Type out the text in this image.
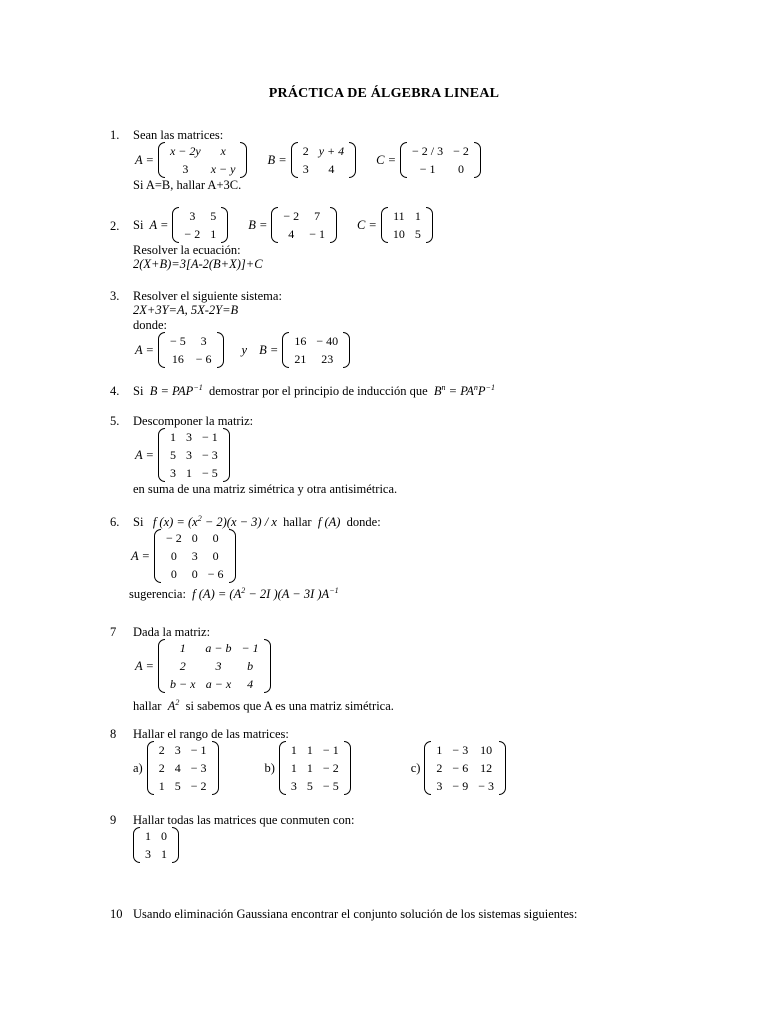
PRÁCTICA DE ÁLGEBRA LINEAL
1. Sean las matrices:
A =
x − 2y	x
3	x − y
B =
2	y + 4
3	4
C =
− 2 / 3	− 2
− 1	0
Si A=B, hallar A+3C.
2. Si A =
3	5
− 2	1
B =
− 2	7
4	− 1
C =
11	1
10	5
Resolver la ecuación:
2(X+B)=3[A-2(B+X)]+C
3. Resolver el siguiente sistema:
2X+3Y=A, 5X-2Y=B
donde:
A =
− 5	3
16	− 6
y B =
16	− 40
21	23
4. Si $B = PAP^{-1}$ demostrar por el principio de inducción que $B^n = PA^nP^{-1}$
5. Descomponer la matriz:
A =
1	3	− 1
5	3	− 3
3	1	− 5
en suma de una matriz simétrica y otra antisimétrica.
6. Si f $(x) = (x^2 - 2)(x - 3) / x$ hallar f (A) donde:
A =
− 2	0	0
0	3	0
0	0	− 6
sugerencia: f $(A) = (A^2 - 2I$ )(A − 3I )$A^{-1}$
7 Dada la matriz:
A =
1	a − b	− 1
2	3	b
b − x	a − x	4
hallar $A^2$ si sabemos que A es una matriz simétrica.
8 Hallar el rango de las matrices:
a)
2	3	− 1
2	4	− 3
1	5	− 2
b)
1	1	− 1
1	1	− 2
3	5	− 5
c)
1	− 3	10
2	− 6	12
3	− 9	− 3
9 Hallar todas las matrices que conmuten con:
1	0
3	1
10 Usando eliminación Gaussiana encontrar el conjunto solución de los sistemas siguientes:
